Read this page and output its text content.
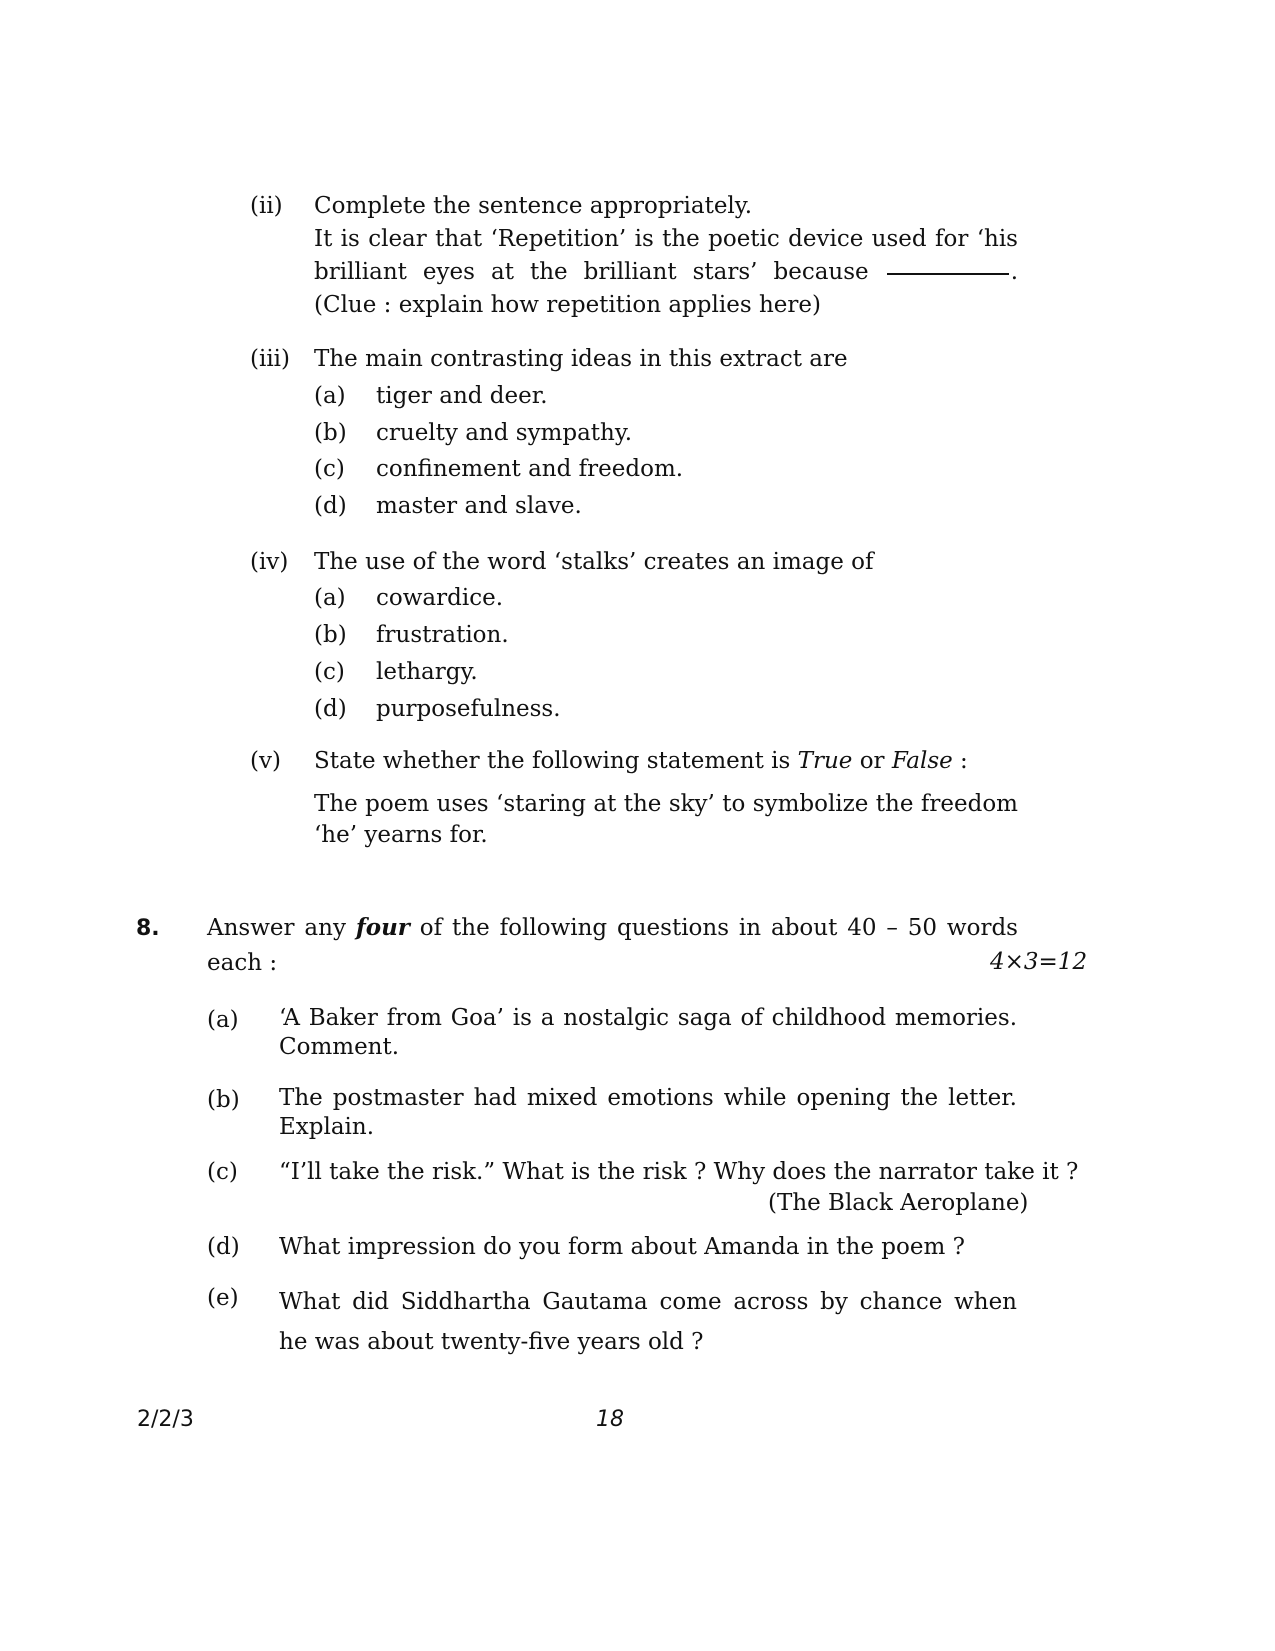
(ii) Complete the sentence appropriately.
It is clear that ‘Repetition’ is the poetic device used for ‘his brilliant eyes at the brilliant stars’ because	. (Clue : explain how repetition applies here)
(iii) The main contrasting ideas in this extract are
(a) tiger and deer.
(b) cruelty and sympathy.
(c) confinement and freedom.
(d) master and slave.
(iv) The use of the word ‘stalks’ creates an image of
(a) cowardice.
(b) frustration.
(c) lethargy.
(d) purposefulness.
(v) State whether the following statement is True or False :
The poem uses ‘staring at the sky’ to symbolize the freedom ‘he’ yearns for.
8. Answer any four of the following questions in about 40 – 50 words each :	4×3=12
(a) ‘A Baker from Goa’ is a nostalgic saga of childhood memories. Comment.
(b) The postmaster had mixed emotions while opening the letter. Explain.
(c) “I’ll take the risk.” What is the risk ? Why does the narrator take it ?
(The Black Aeroplane)
(d) What impression do you form about Amanda in the poem ?
(e) What did Siddhartha Gautama come across by chance when he was about twenty-five years old ?
2/2/3	18
